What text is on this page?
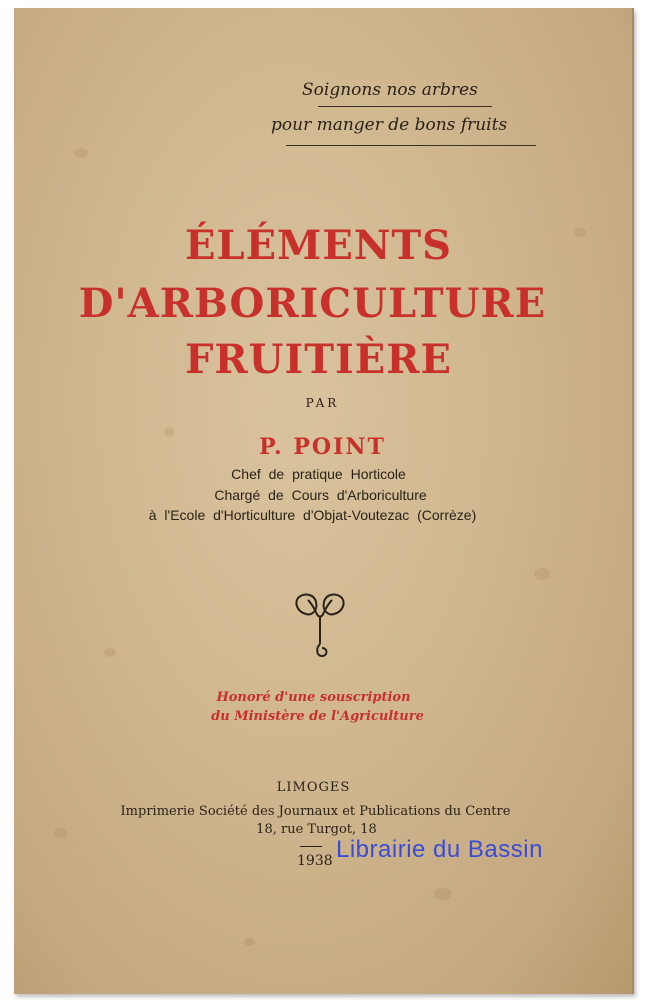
Soignons nos arbres
pour manger de bons fruits
ÉLÉMENTS
D'ARBORICULTURE
FRUITIÈRE
PAR
P. POINT
Chef de pratique Horticole
Chargé de Cours d'Arboriculture
à l'Ecole d'Horticulture d'Objat-Voutezac (Corrèze)
Honoré d'une souscription
du Ministère de l'Agriculture
LIMOGES
Imprimerie Société des Journaux et Publications du Centre
18, rue Turgot, 18
1938 Librairie du Bassin
